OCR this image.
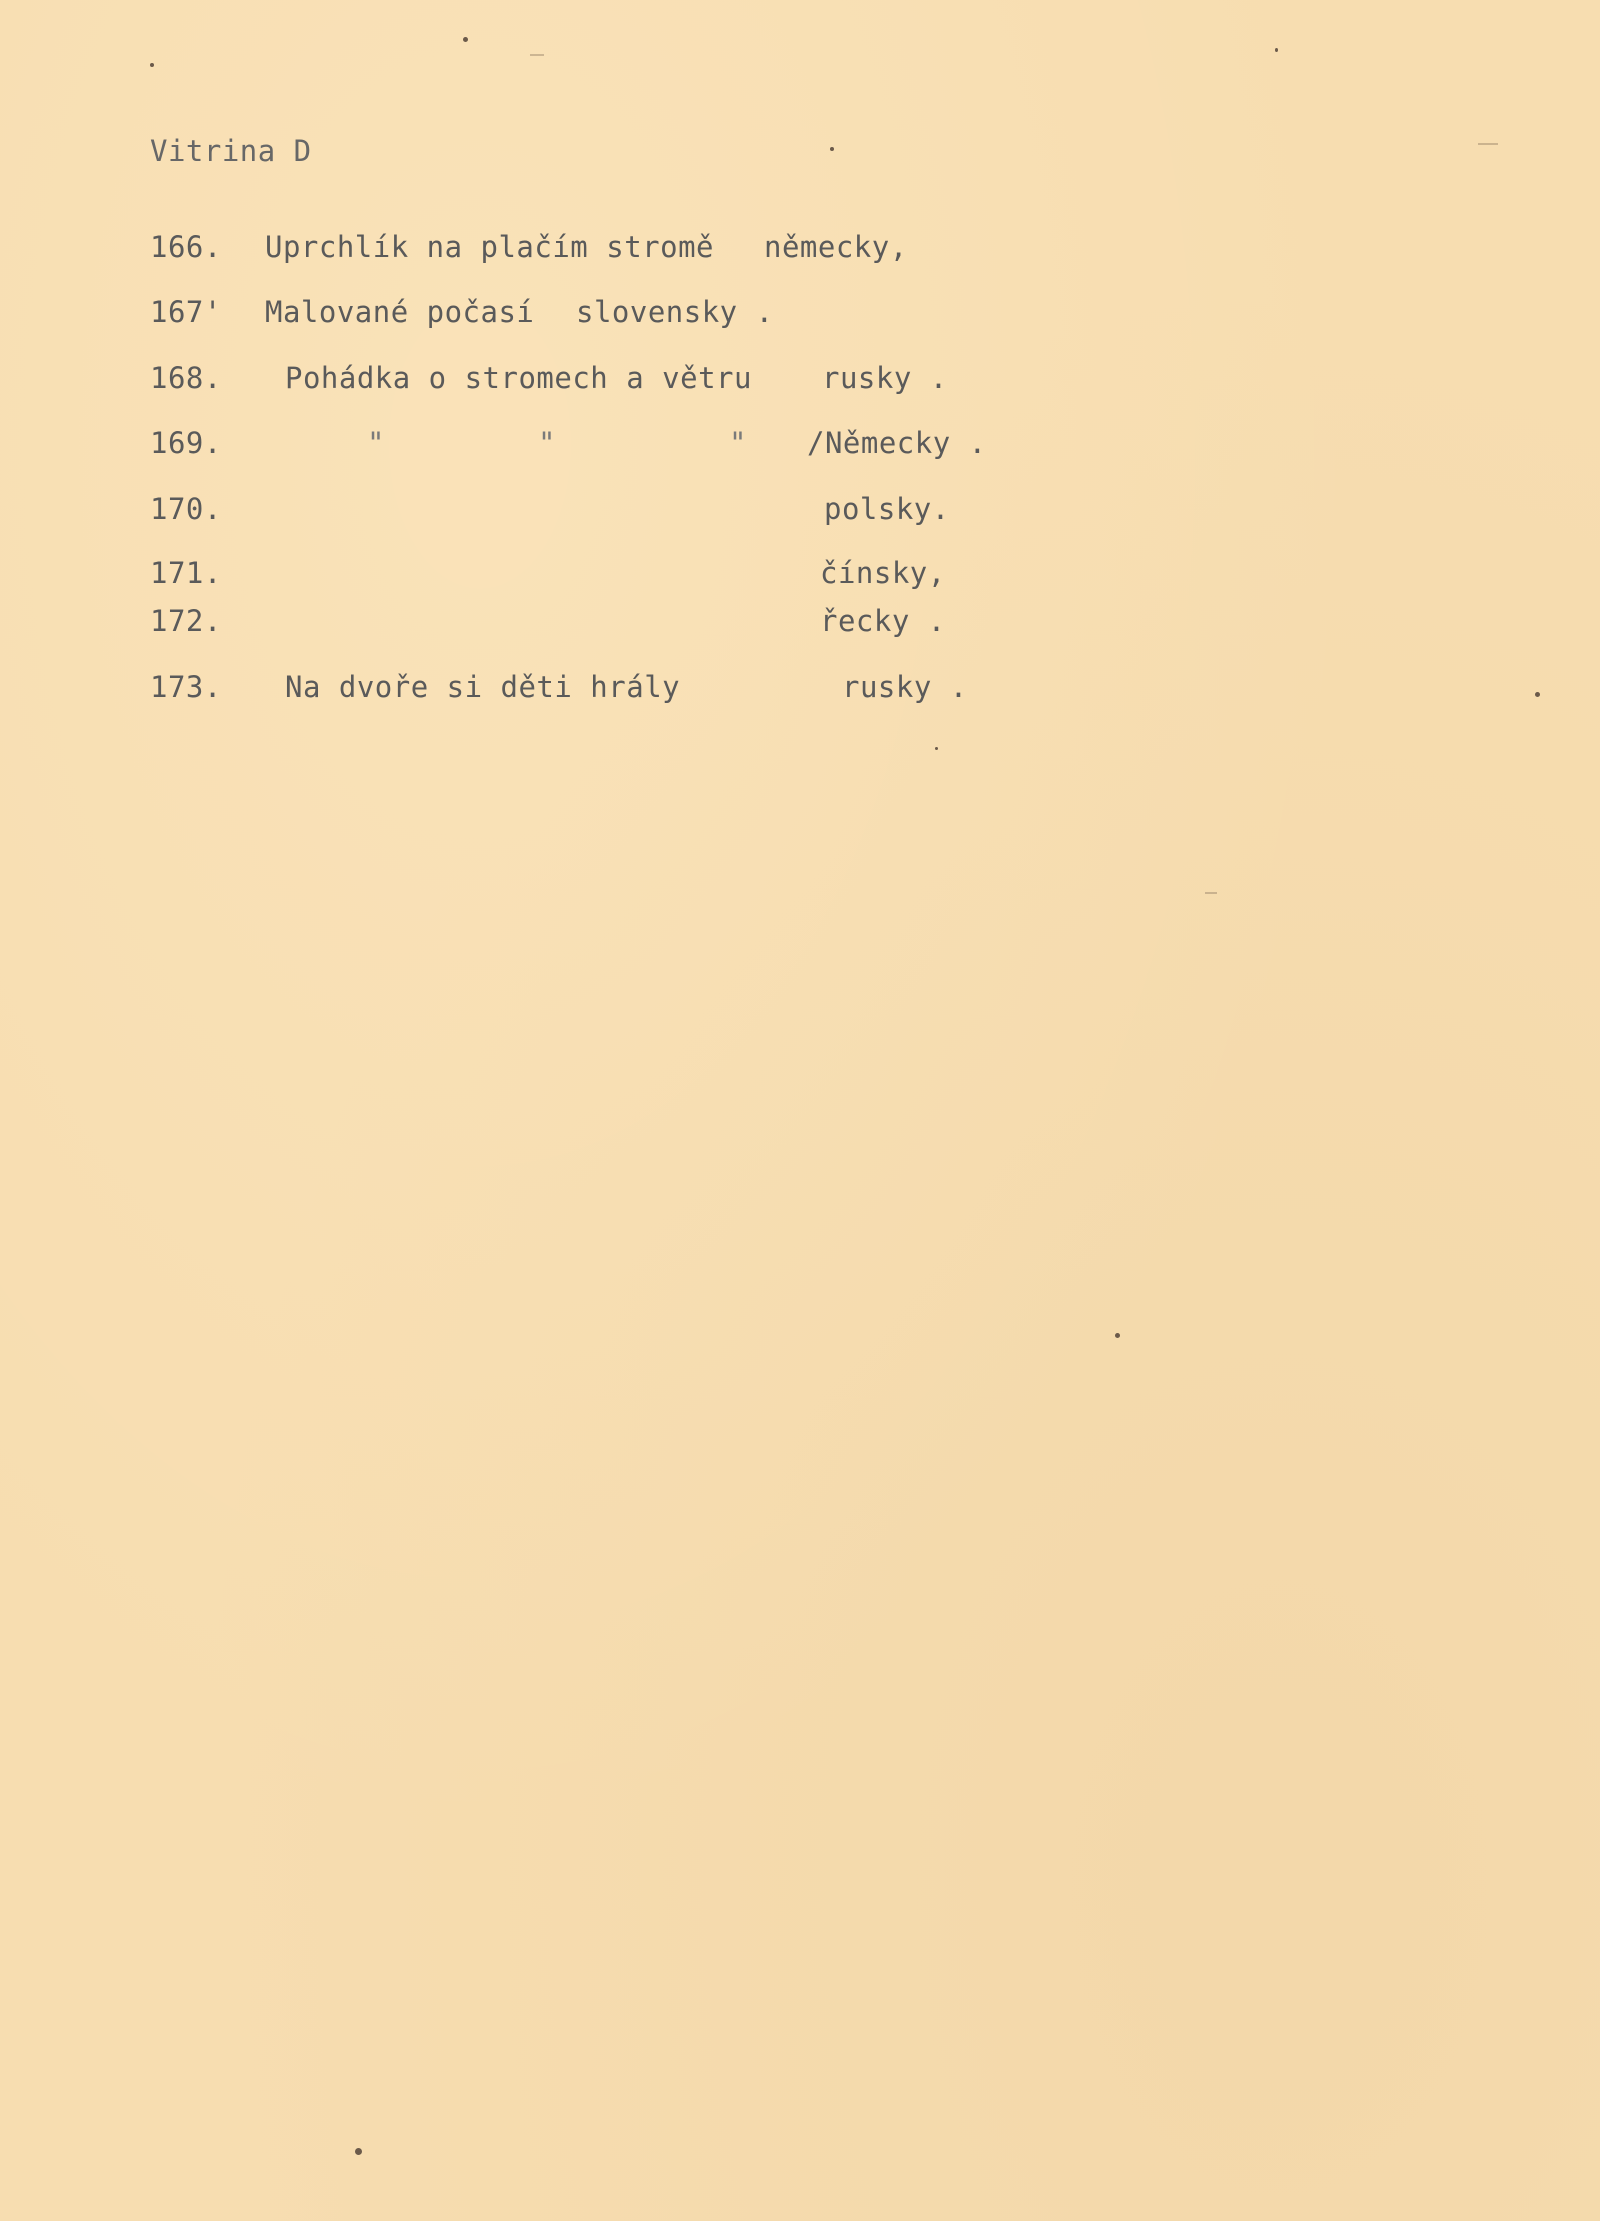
Vitrina D
166. Uprchlík na plačím stromě německy,
167' Malované počasí slovensky .
168. Pohádka o stromech a větru rusky .
169.	"	"	" /Německy .
170.	polsky.
171.	čínsky,
172.	řecky .
173. Na dvoře si děti hrály	rusky .
